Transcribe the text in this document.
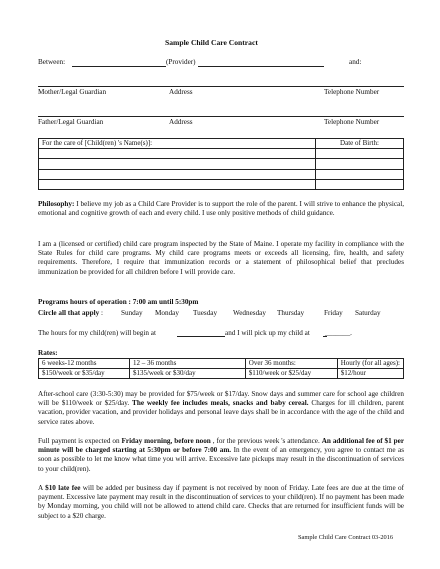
Sample Child Care Contract
Between:	(Provider)	and:
Mother/Legal Guardian	Address	Telephone Number
Father/Legal Guardian	Address	Telephone Number
For the care of [Child(ren) 's Name(s)]:	Date of Birth:

Philosophy: I believe my job as a Child Care Provider is to support the role of the parent. I will strive to enhance the physical, emotional and cognitive growth of each and every child. I use only positive methods of child guidance.
I am a (licensed or certified) child care program inspected by the State of Maine. I operate my facility in compliance with the State Rules for child care programs. My child care programs meets or exceeds all licensing, fire, health, and safety requirements. Therefore, I require that immunization records or a statement of philosophical belief that precludes immunization be provided for all children before I will provide care.
Programs hours of operation : 7:00 am until 5:30pm
Circle all that apply :	Sunday Monday Tuesday Wednesday Thursday	Friday Saturday
The hours for my child(ren) will begin at	and I will pick up my child at _______.
Rates:
6 weeks-12 months	12 – 36 months	Over 36 months:	Hourly (for all ages):
$150/week or $35/day	$135/week or $30/day	$110/week or $25/day	$12/hour
After-school care (3:30-5:30) may be provided for $75/week or $17/day. Snow days and summer care for school age children will be $110/week or $25/day. The weekly fee includes meals, snacks and baby cereal. Charges for ill children, parent vacation, provider vacation, and provider holidays and personal leave days shall be in accordance with the age of the child and service rates above.
Full payment is expected on Friday morning, before noon , for the previous week 's attendance. An additional fee of $1 per minute will be charged starting at 5:30pm or before 7:00 am. In the event of an emergency, you agree to contact me as soon as possible to let me know what time you will arrive. Excessive late pickups may result in the discontinuation of services to your child(ren).
A $10 late fee will be added per business day if payment is not received by noon of Friday. Late fees are due at the time of payment. Excessive late payment may result in the discontinuation of services to your child(ren). If no payment has been made by Monday morning, you child will not be allowed to attend child care. Checks that are returned for insufficient funds will be subject to a $20 charge.
Sample Child Care Contract 03-2016
